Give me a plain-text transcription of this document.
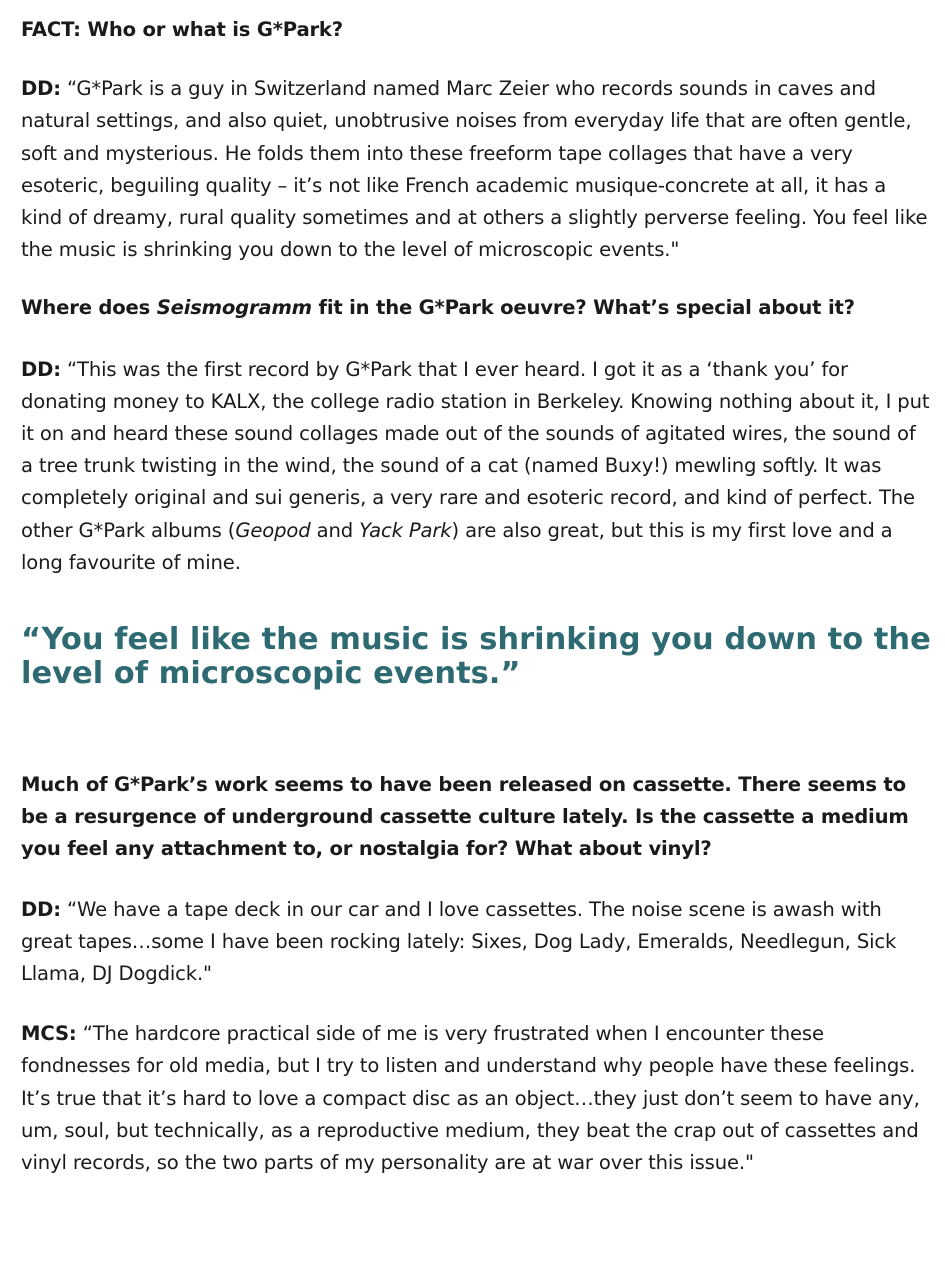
FACT: Who or what is G*Park?

DD: “G*Park is a guy in Switzerland named Marc Zeier who records sounds in caves and natural settings, and also quiet, unobtrusive noises from everyday life that are often gentle, soft and mysterious. He folds them into these freeform tape collages that have a very esoteric, beguiling quality – it’s not like French academic musique-concrete at all, it has a kind of dreamy, rural quality sometimes and at others a slightly perverse feeling. You feel like the music is shrinking you down to the level of microscopic events."

Where does Seismogramm fit in the G*Park oeuvre? What’s special about it?

DD: “This was the first record by G*Park that I ever heard. I got it as a ‘thank you’ for donating money to KALX, the college radio station in Berkeley. Knowing nothing about it, I put it on and heard these sound collages made out of the sounds of agitated wires, the sound of a tree trunk twisting in the wind, the sound of a cat (named Buxy!) mewling softly. It was completely original and sui generis, a very rare and esoteric record, and kind of perfect. The other G*Park albums (Geopod and Yack Park) are also great, but this is my first love and a long favourite of mine.

“You feel like the music is shrinking you down to the level of microscopic events.”

Much of G*Park’s work seems to have been released on cassette. There seems to be a resurgence of underground cassette culture lately. Is the cassette a medium you feel any attachment to, or nostalgia for? What about vinyl?

DD: “We have a tape deck in our car and I love cassettes. The noise scene is awash with great tapes…some I have been rocking lately: Sixes, Dog Lady, Emeralds, Needlegun, Sick Llama, DJ Dogdick."

MCS: “The hardcore practical side of me is very frustrated when I encounter these fondnesses for old media, but I try to listen and understand why people have these feelings. It’s true that it’s hard to love a compact disc as an object…they just don’t seem to have any, um, soul, but technically, as a reproductive medium, they beat the crap out of cassettes and vinyl records, so the two parts of my personality are at war over this issue."
